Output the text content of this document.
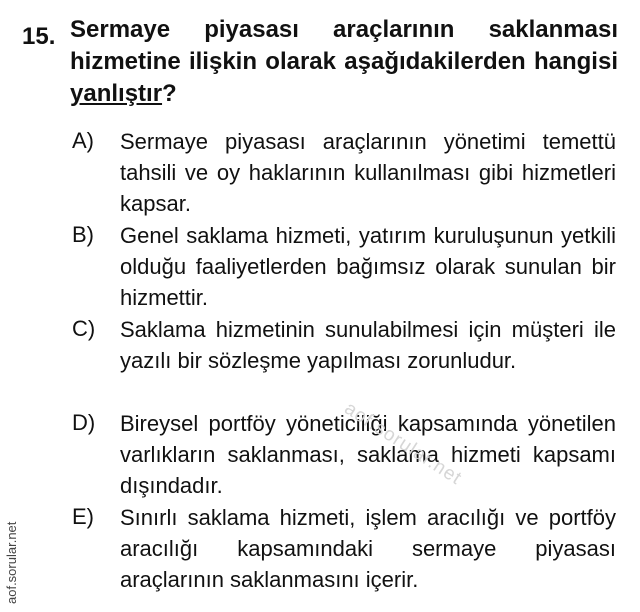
15. Sermaye piyasası araçlarının saklanması hizmetine ilişkin olarak aşağıdakilerden hangisi yanlıştır?
A) Sermaye piyasası araçlarının yönetimi temettü tahsili ve oy haklarının kullanılması gibi hizmetleri kapsar.
B) Genel saklama hizmeti, yatırım kuruluşunun yetkili olduğu faaliyetlerden bağımsız olarak sunulan bir hizmettir.
C) Saklama hizmetinin sunulabilmesi için müşteri ile yazılı bir sözleşme yapılması zorunludur.
D) Bireysel portföy yöneticiliği kapsamında yönetilen varlıkların saklanması, saklama hizmeti kapsamı dışındadır.
E) Sınırlı saklama hizmeti, işlem aracılığı ve portföy aracılığı kapsamındaki sermaye piyasası araçlarının saklanmasını içerir.
aof.sorular.net
aof.sorular.net
